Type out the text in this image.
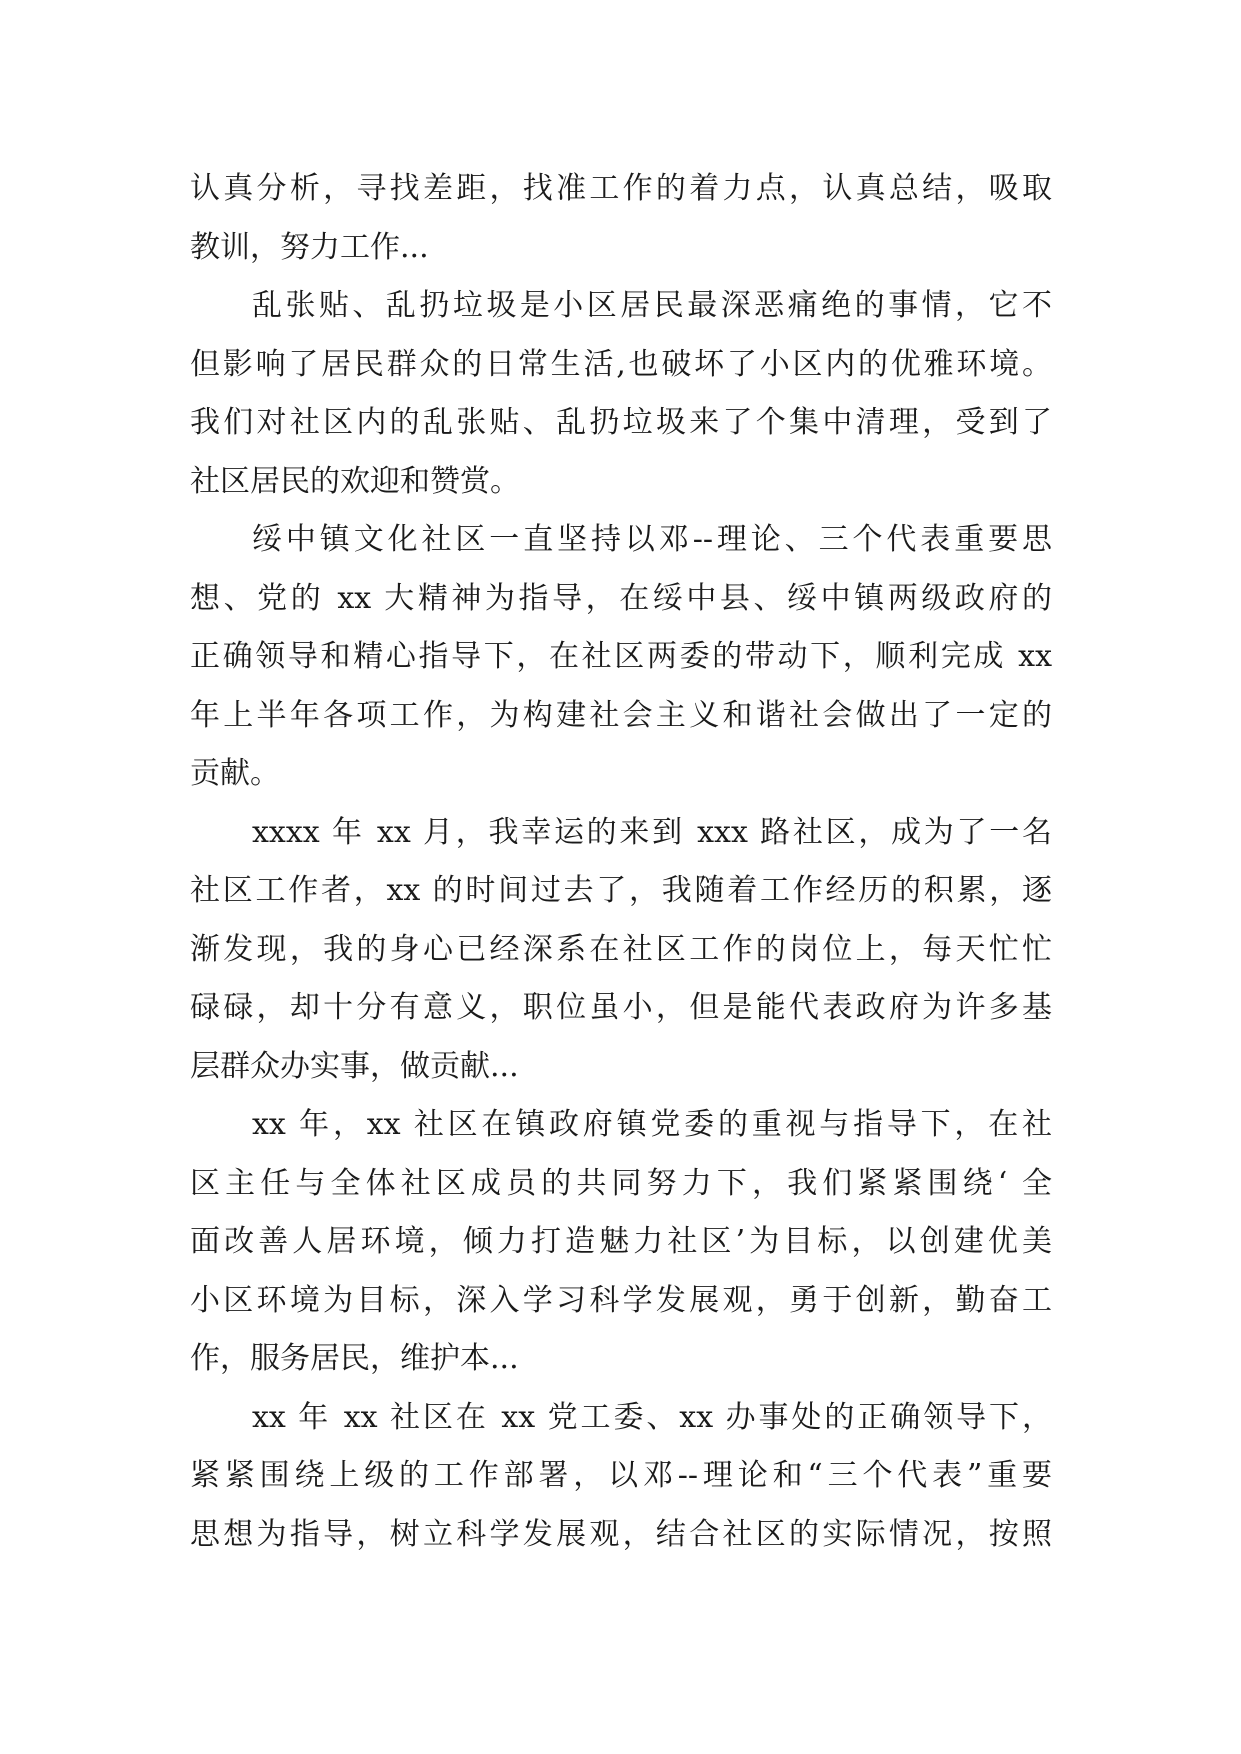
认真分析，寻找差距，找准工作的着力点，认真总结，吸取
教训，努力工作...
乱张贴、乱扔垃圾是小区居民最深恶痛绝的事情，它不
但影响了居民群众的日常生活,也破坏了小区内的优雅环境。
我们对社区内的乱张贴、乱扔垃圾来了个集中清理，受到了
社区居民的欢迎和赞赏。
绥中镇文化社区一直坚持以邓--理论、三个代表重要思
想、党的 xx 大精神为指导，在绥中县、绥中镇两级政府的
正确领导和精心指导下，在社区两委的带动下，顺利完成 xx
年上半年各项工作，为构建社会主义和谐社会做出了一定的
贡献。
xxxx 年 xx 月，我幸运的来到 xxx 路社区，成为了一名
社区工作者，xx 的时间过去了，我随着工作经历的积累，逐
渐发现，我的身心已经深系在社区工作的岗位上，每天忙忙
碌碌，却十分有意义，职位虽小，但是能代表政府为许多基
层群众办实事，做贡献...
xx 年，xx 社区在镇政府镇党委的重视与指导下，在社
区主任与全体社区成员的共同努力下，我们紧紧围绕‘ 全
面改善人居环境，倾力打造魅力社区’为目标，以创建优美
小区环境为目标，深入学习科学发展观，勇于创新，勤奋工
作，服务居民，维护本...
xx 年 xx 社区在 xx 党工委、xx 办事处的正确领导下，
紧紧围绕上级的工作部署，以邓--理论和“三个代表”重要
思想为指导，树立科学发展观，结合社区的实际情况，按照
